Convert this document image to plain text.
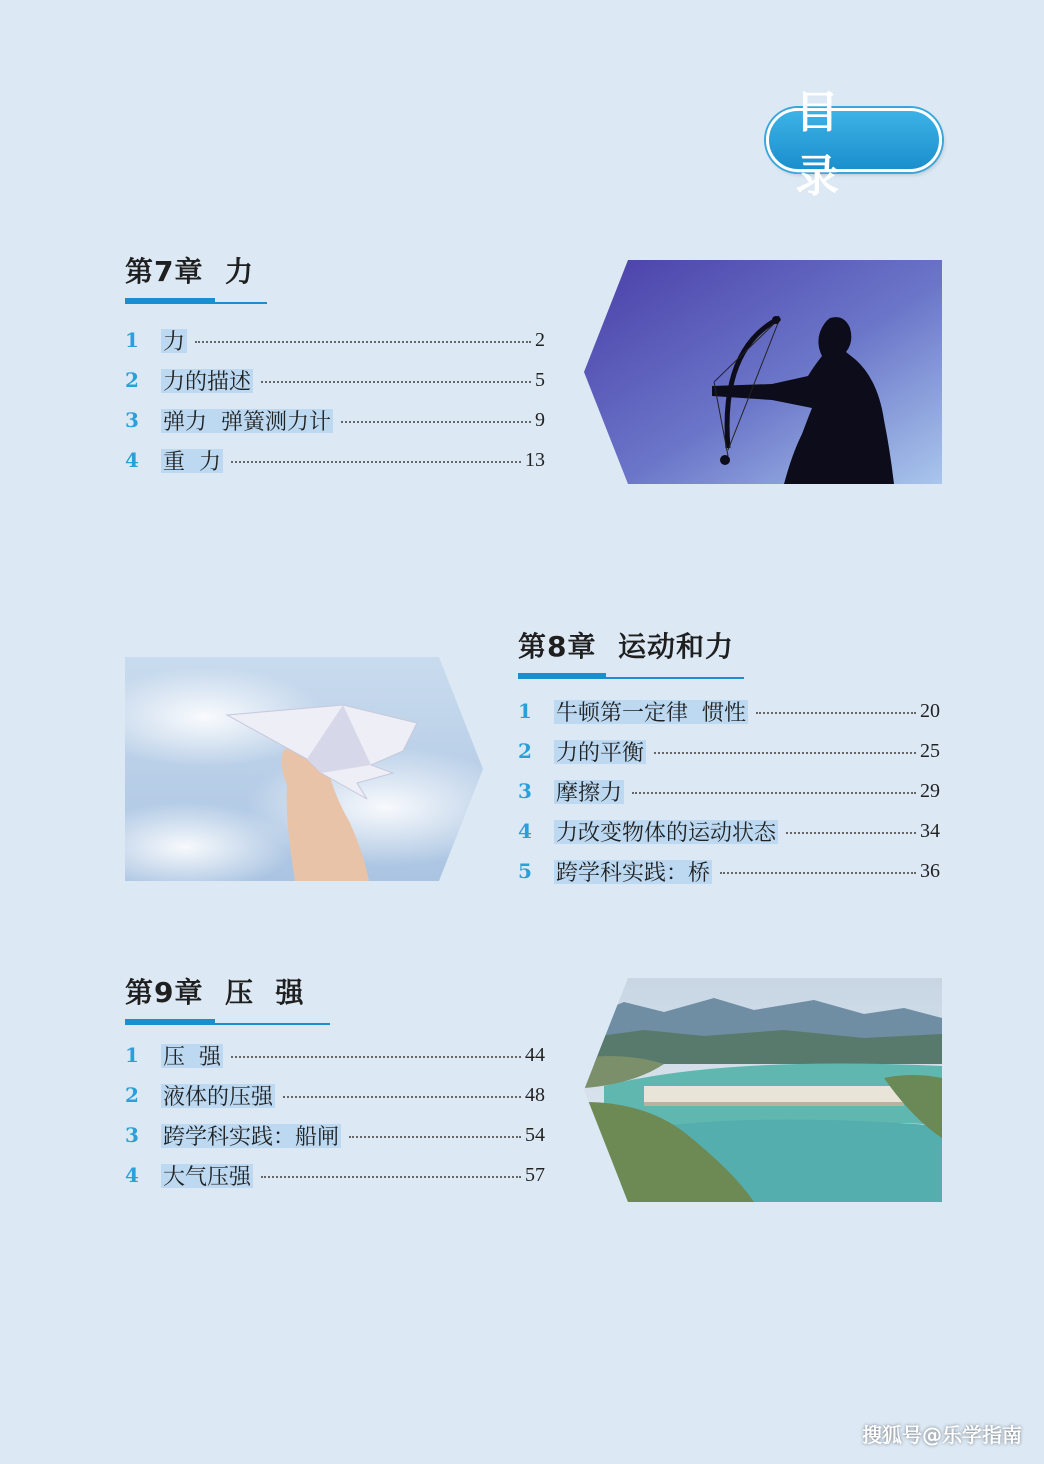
目 录
第7章  力
1	力	2
2	力的描述	5
3	弹力  弹簧测力计	9
4	重  力	13
第8章  运动和力
1	牛顿第一定律  惯性	20
2	力的平衡	25
3	摩擦力	29
4	力改变物体的运动状态	34
5	跨学科实践：桥	36
第9章  压  强
1	压  强	44
2	液体的压强	48
3	跨学科实践：船闸	54
4	大气压强	57
搜狐号@乐学指南
